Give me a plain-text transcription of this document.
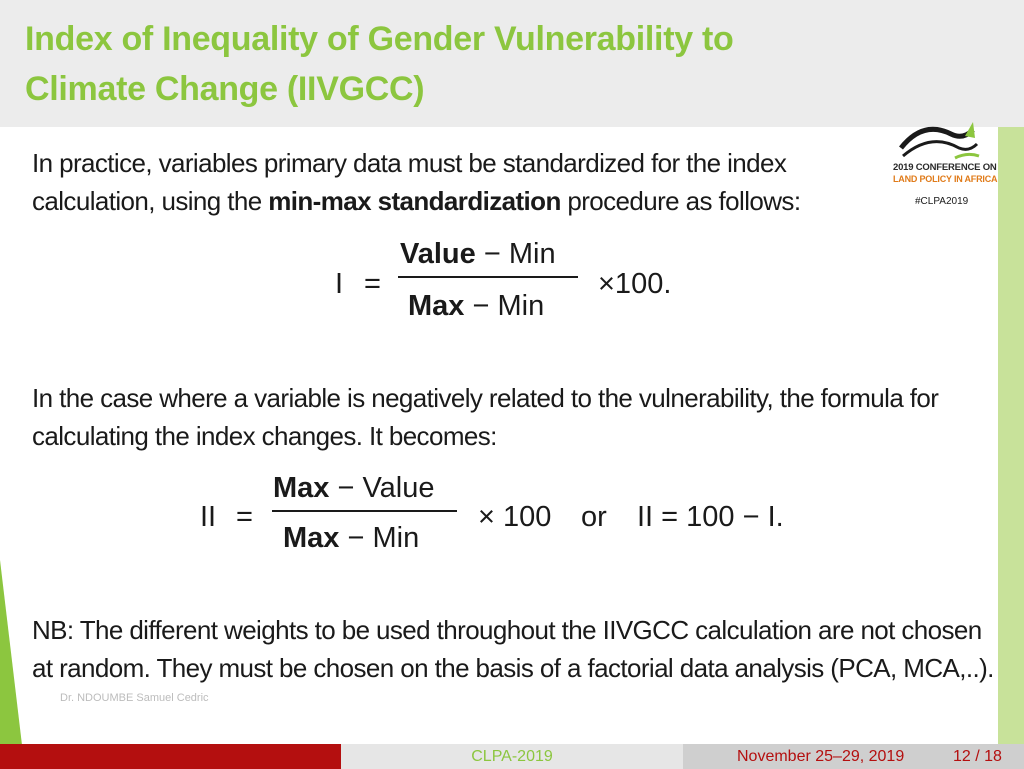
Index of Inequality of Gender Vulnerability to
Climate Change (IIVGCC)
2019 CONFERENCE ON
LAND POLICY IN AFRICA
#CLPA2019
In practice, variables primary data must be standardized for the index calculation, using the min-max standardization procedure as follows:
I =
Value − Min
Max − Min
×100.
In the case where a variable is negatively related to the vulnerability, the formula for calculating the index changes. It becomes:
II =
Max − Value
Max − Min
× 100 or II = 100 − I.
NB: The different weights to be used throughout the IIVGCC calculation are not chosen at random. They must be chosen on the basis of a factorial data analysis (PCA, MCA,..).
Dr. NDOUMBE Samuel Cedric
CLPA-2019	November 25–29, 2019	12 / 18
